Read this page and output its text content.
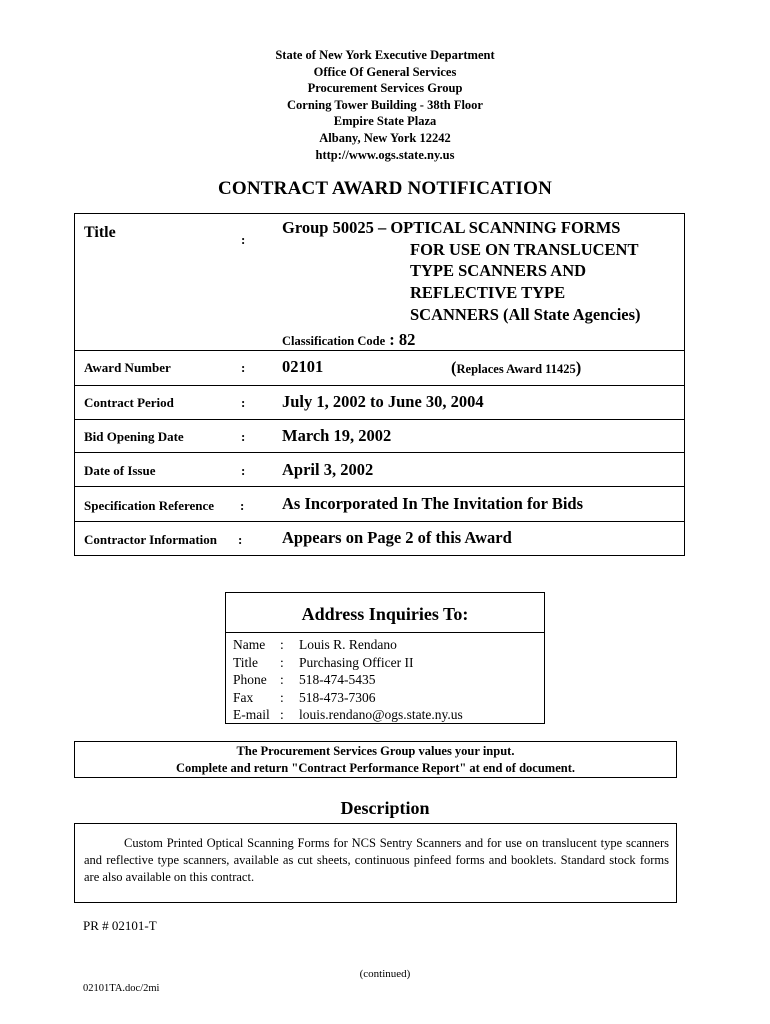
State of New York Executive Department
Office Of General Services
Procurement Services Group
Corning Tower Building - 38th Floor
Empire State Plaza
Albany, New York 12242
http://www.ogs.state.ny.us
CONTRACT AWARD NOTIFICATION
Title	:
Group 50025 – OPTICAL SCANNING FORMS
FOR USE ON TRANSLUCENT
TYPE SCANNERS AND
REFLECTIVE TYPE
SCANNERS (All State Agencies)
Classification Code : 82
Award Number	: 02101	(Replaces Award 11425)
Contract Period	: July 1, 2002 to June 30, 2004
Bid Opening Date	: March 19, 2002
Date of Issue	: April 3, 2002
Specification Reference : As Incorporated In The Invitation for Bids
Contractor Information : Appears on Page 2 of this Award
Address Inquiries To:
Name : Louis R. Rendano
Title : Purchasing Officer II
Phone : 518-474-5435
Fax : 518-473-7306
E-mail : louis.rendano@ogs.state.ny.us
The Procurement Services Group values your input.
Complete and return "Contract Performance Report" at end of document.
Description
Custom Printed Optical Scanning Forms for NCS Sentry Scanners and for use on translucent type scanners and reflective type scanners, available as cut sheets, continuous pinfeed forms and booklets. Standard stock forms are also available on this contract.
PR # 02101-T
(continued)
02101TA.doc/2mi
